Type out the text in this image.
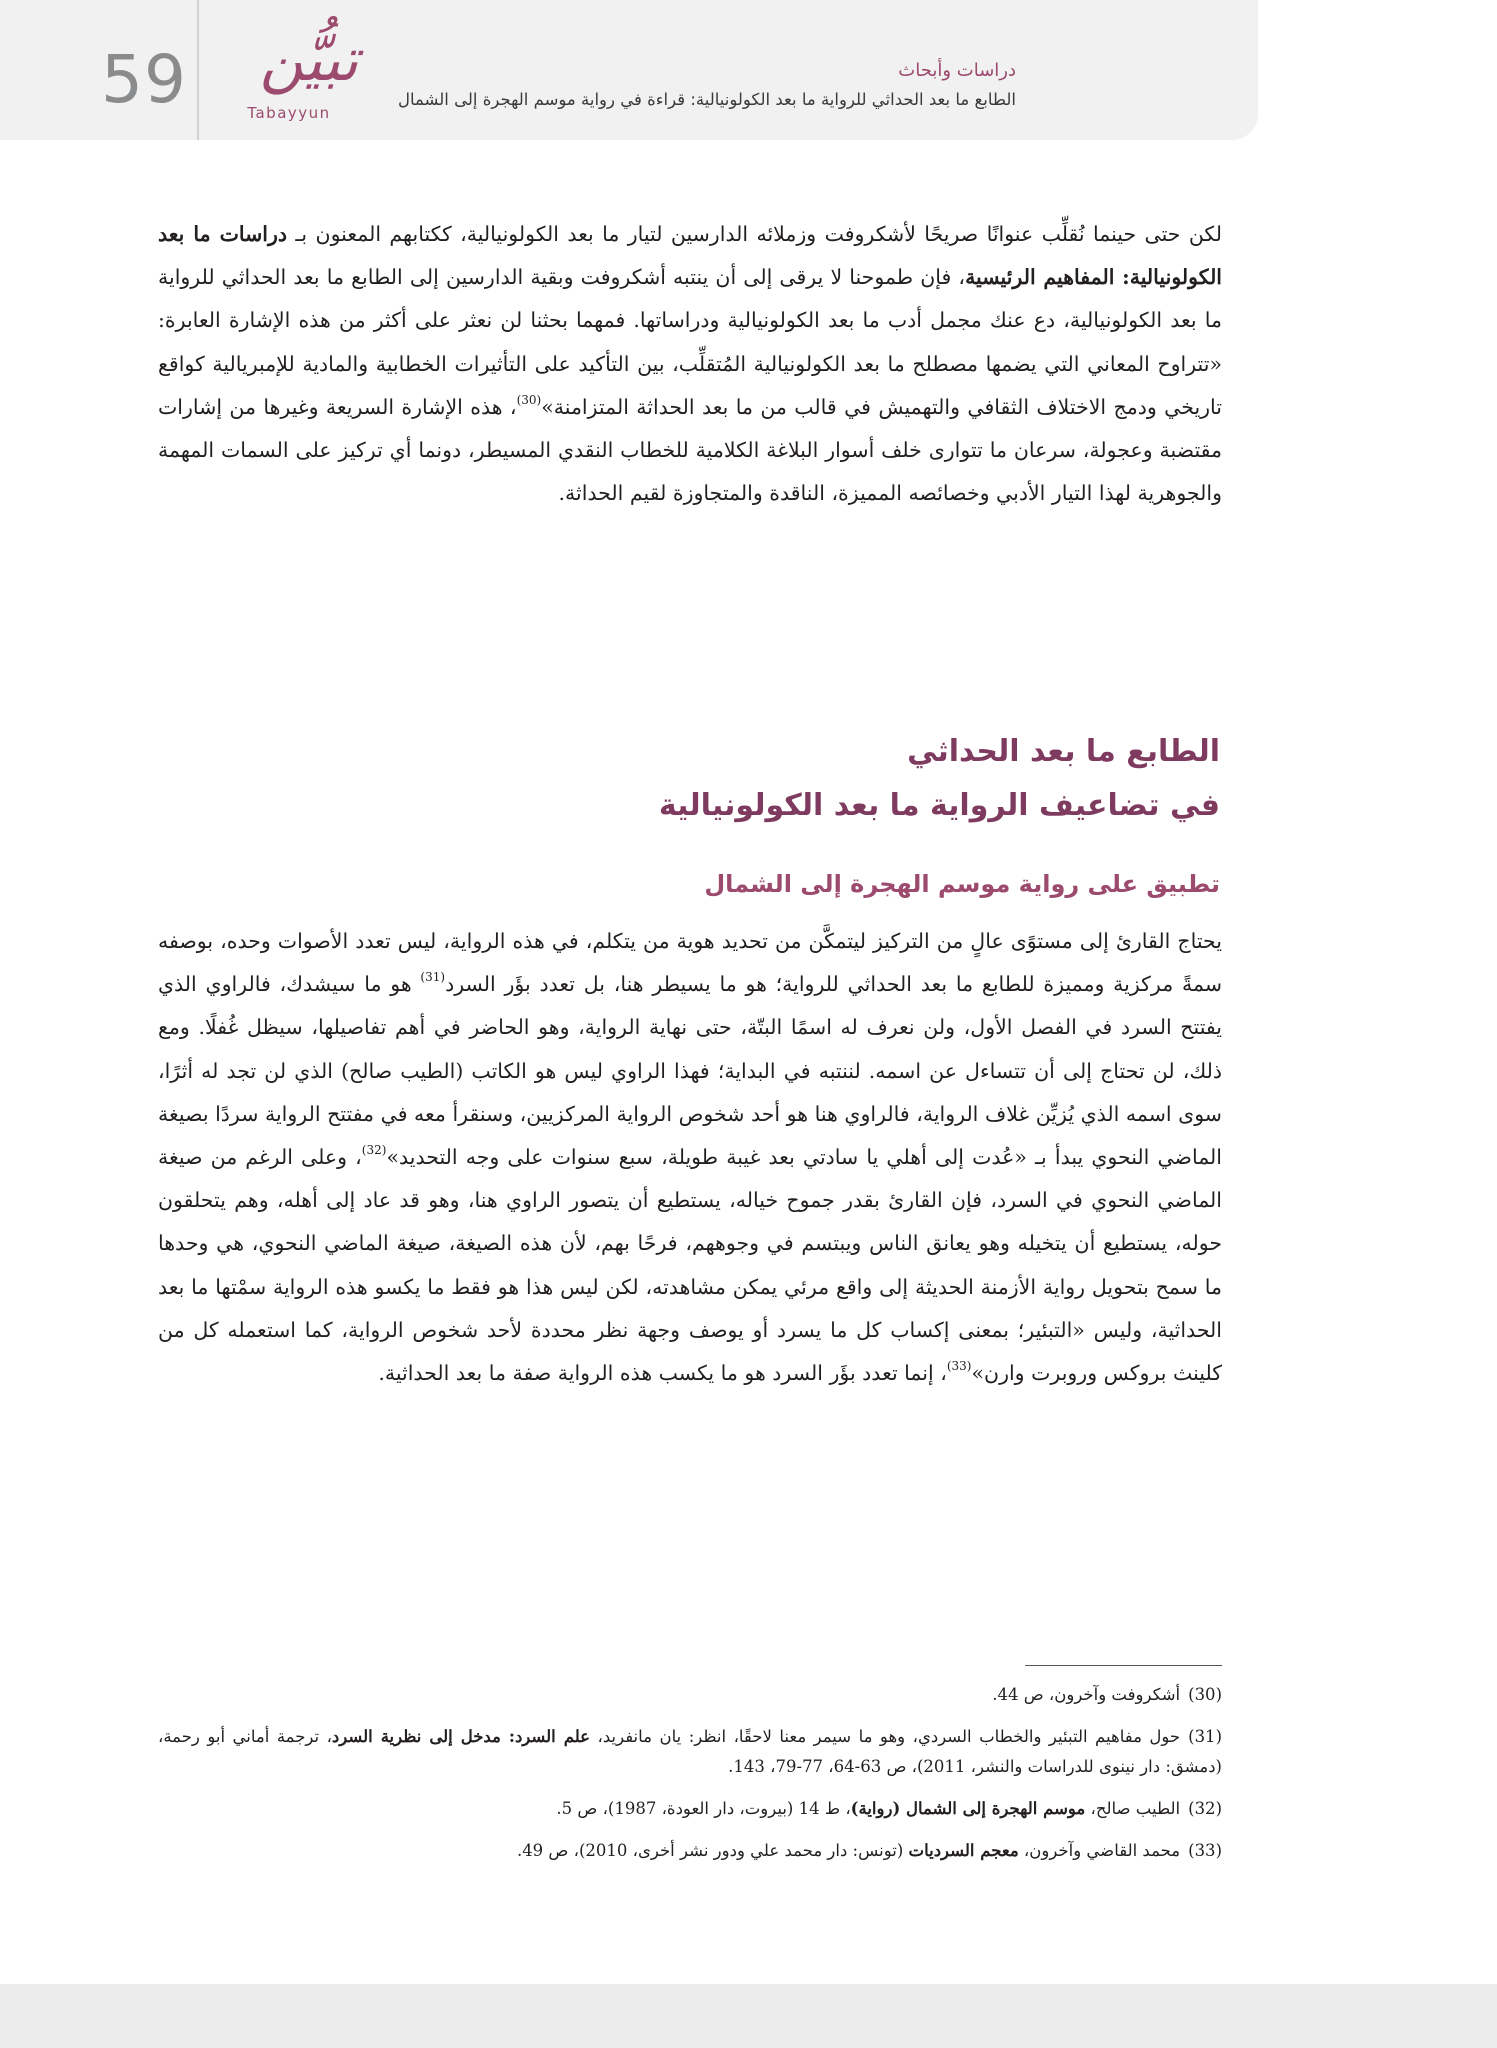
59	تبيُّن
Tabayyun
دراسات وأبحاث
الطابع ما بعد الحداثي للرواية ما بعد الكولونيالية: قراءة في رواية موسم الهجرة إلى الشمال

لكن حتى حينما نُقلِّب عنوانًا صريحًا لأشكروفت وزملائه الدارسين لتيار ما بعد الكولونيالية، ككتابهم المعنون بـ دراسات ما بعد الكولونيالية: المفاهيم الرئيسية، فإن طموحنا لا يرقى إلى أن ينتبه أشكروفت وبقية الدارسين إلى الطابع ما بعد الحداثي للرواية ما بعد الكولونيالية، دع عنك مجمل أدب ما بعد الكولونيالية ودراساتها. فمهما بحثنا لن نعثر على أكثر من هذه الإشارة العابرة: «تتراوح المعاني التي يضمها مصطلح ما بعد الكولونيالية المُتقلِّب، بين التأكيد على التأثيرات الخطابية والمادية للإمبريالية كواقع تاريخي ودمج الاختلاف الثقافي والتهميش في قالب من ما بعد الحداثة المتزامنة»$^{(30)}$، هذه الإشارة السريعة وغيرها من إشارات مقتضبة وعجولة، سرعان ما تتوارى خلف أسوار البلاغة الكلامية للخطاب النقدي المسيطر، دونما أي تركيز على السمات المهمة والجوهرية لهذا التيار الأدبي وخصائصه المميزة، الناقدة والمتجاوزة لقيم الحداثة.

الطابع ما بعد الحداثي
في تضاعيف الرواية ما بعد الكولونيالية
تطبيق على رواية موسم الهجرة إلى الشمال

يحتاج القارئ إلى مستوًى عالٍ من التركيز ليتمكَّن من تحديد هوية من يتكلم، في هذه الرواية، ليس تعدد الأصوات وحده، بوصفه سمةً مركزية ومميزة للطابع ما بعد الحداثي للرواية؛ هو ما يسيطر هنا، بل تعدد بؤَر السرد$^{(31)}$ هو ما سيشدك، فالراوي الذي يفتتح السرد في الفصل الأول، ولن نعرف له اسمًا البتّة، حتى نهاية الرواية، وهو الحاضر في أهم تفاصيلها، سيظل غُفلًا. ومع ذلك، لن تحتاج إلى أن تتساءل عن اسمه. لننتبه في البداية؛ فهذا الراوي ليس هو الكاتب (الطيب صالح) الذي لن تجد له أثرًا، سوى اسمه الذي يُزيِّن غلاف الرواية، فالراوي هنا هو أحد شخوص الرواية المركزيين، وسنقرأ معه في مفتتح الرواية سردًا بصيغة الماضي النحوي يبدأ بـ «عُدت إلى أهلي يا سادتي بعد غيبة طويلة، سبع سنوات على وجه التحديد»$^{(32)}$، وعلى الرغم من صيغة الماضي النحوي في السرد، فإن القارئ بقدر جموح خياله، يستطيع أن يتصور الراوي هنا، وهو قد عاد إلى أهله، وهم يتحلقون حوله، يستطيع أن يتخيله وهو يعانق الناس ويبتسم في وجوههم، فرحًا بهم، لأن هذه الصيغة، صيغة الماضي النحوي، هي وحدها ما سمح بتحويل رواية الأزمنة الحديثة إلى واقع مرئي يمكن مشاهدته، لكن ليس هذا هو فقط ما يكسو هذه الرواية سمْتها ما بعد الحداثية، وليس «التبئير؛ بمعنى إكساب كل ما يسرد أو يوصف وجهة نظر محددة لأحد شخوص الرواية، كما استعمله كل من كلينث بروكس وروبرت وارن»$^{(33)}$، إنما تعدد بؤَر السرد هو ما يكسب هذه الرواية صفة ما بعد الحداثية.

(30)أشكروفت وآخرون، ص 44.

(31)حول مفاهيم التبئير والخطاب السردي، وهو ما سيمر معنا لاحقًا، انظر: يان مانفريد، علم السرد: مدخل إلى نظرية السرد، ترجمة أماني أبو رحمة، (دمشق: دار نينوى للدراسات والنشر، 2011)، ص 63-64، 77-79، 143.

(32)الطيب صالح، موسم الهجرة إلى الشمال (رواية)، ط 14 (بيروت، دار العودة، 1987)، ص 5.

(33)محمد القاضي وآخرون، معجم السرديات (تونس: دار محمد علي ودور نشر أخرى، 2010)، ص 49.
